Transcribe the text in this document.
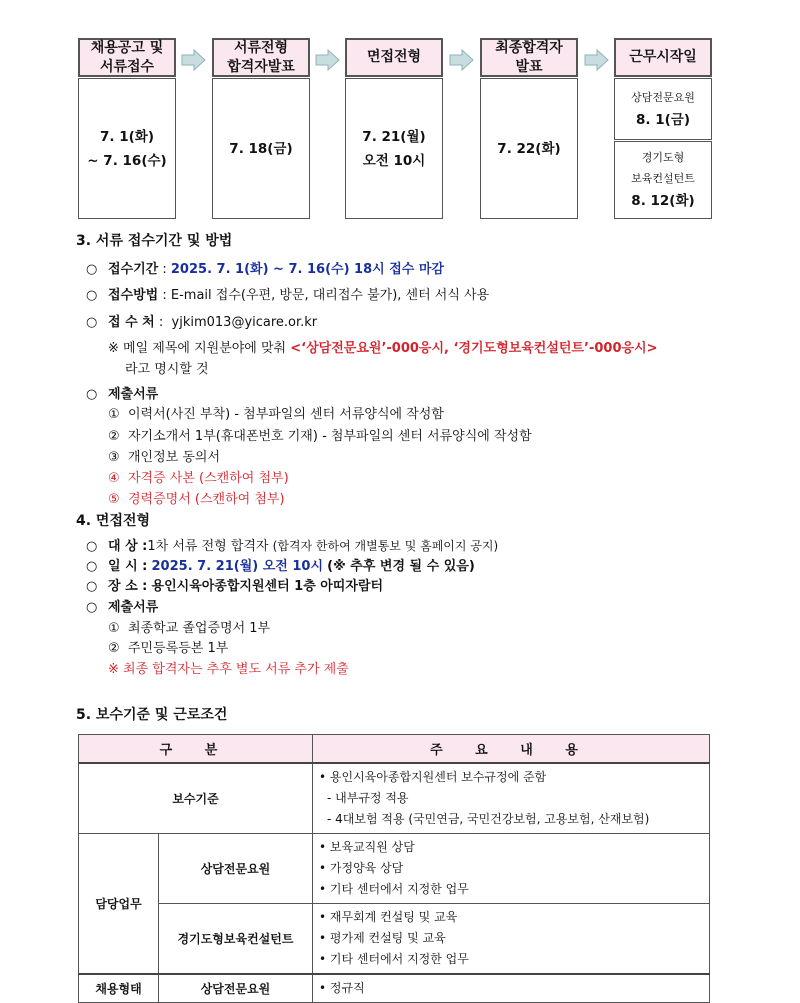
채용공고 및
서류접수
7. 1(화)
~ 7. 16(수)
서류전형
합격자발표
7. 18(금)
면접전형
7. 21(월)
오전 10시
최종합격자
발표
7. 22(화)
근무시작일
상담전문요원
8. 1(금)
경기도형
보육컨설턴트
8. 12(화)
3. 서류 접수기간 및 방법
○ 접수기간 : 2025. 7. 1(화) ~ 7. 16(수) 18시 접수 마감
○ 접수방법 : E-mail 접수(우편, 방문, 대리접수 불가), 센터 서식 사용
○ 접 수 처 :  yjkim013@yicare.or.kr
※ 메일 제목에 지원분야에 맞춰 <‘상담전문요원’-000응시, ‘경기도형보육컨설턴트’-000응시>
라고 명시할 것
○ 제출서류
① 이력서(사진 부착) - 첨부파일의 센터 서류양식에 작성함
② 자기소개서 1부(휴대폰번호 기재) - 첨부파일의 센터 서류양식에 작성함
③ 개인정보 동의서
④ 자격증 사본 (스캔하여 첨부)
⑤ 경력증명서 (스캔하여 첨부)
4. 면접전형
○ 대 상 :1차 서류 전형 합격자 (합격자 한하여 개별통보 및 홈페이지 공지)
○ 일 시 : 2025. 7. 21(월) 오전 10시 (※ 추후 변경 될 수 있음)
○ 장 소 : 용인시육아종합지원센터 1층 아띠자람터
○ 제출서류
① 최종학교 졸업증명서 1부
② 주민등록등본 1부
※ 최종 합격자는 추후 별도 서류 추가 제출
5. 보수기준 및 근로조건
구 분		주 요 내 용
보수기준		• 용인시육아종합지원센터 보수규정에 준함
- 내부규정 적용
- 4대보험 적용 (국민연금, 국민건강보험, 고용보험, 산재보험)

담당업무	상담전문요원	• 보육교직원 상담
• 가정양육 상담
• 기타 센터에서 지정한 업무

	경기도형보육컨설턴트	• 재무회계 컨설팅 및 교육
• 평가제 컨설팅 및 교육
• 기타 센터에서 지정한 업무

채용형태	상담전문요원	• 정규직
